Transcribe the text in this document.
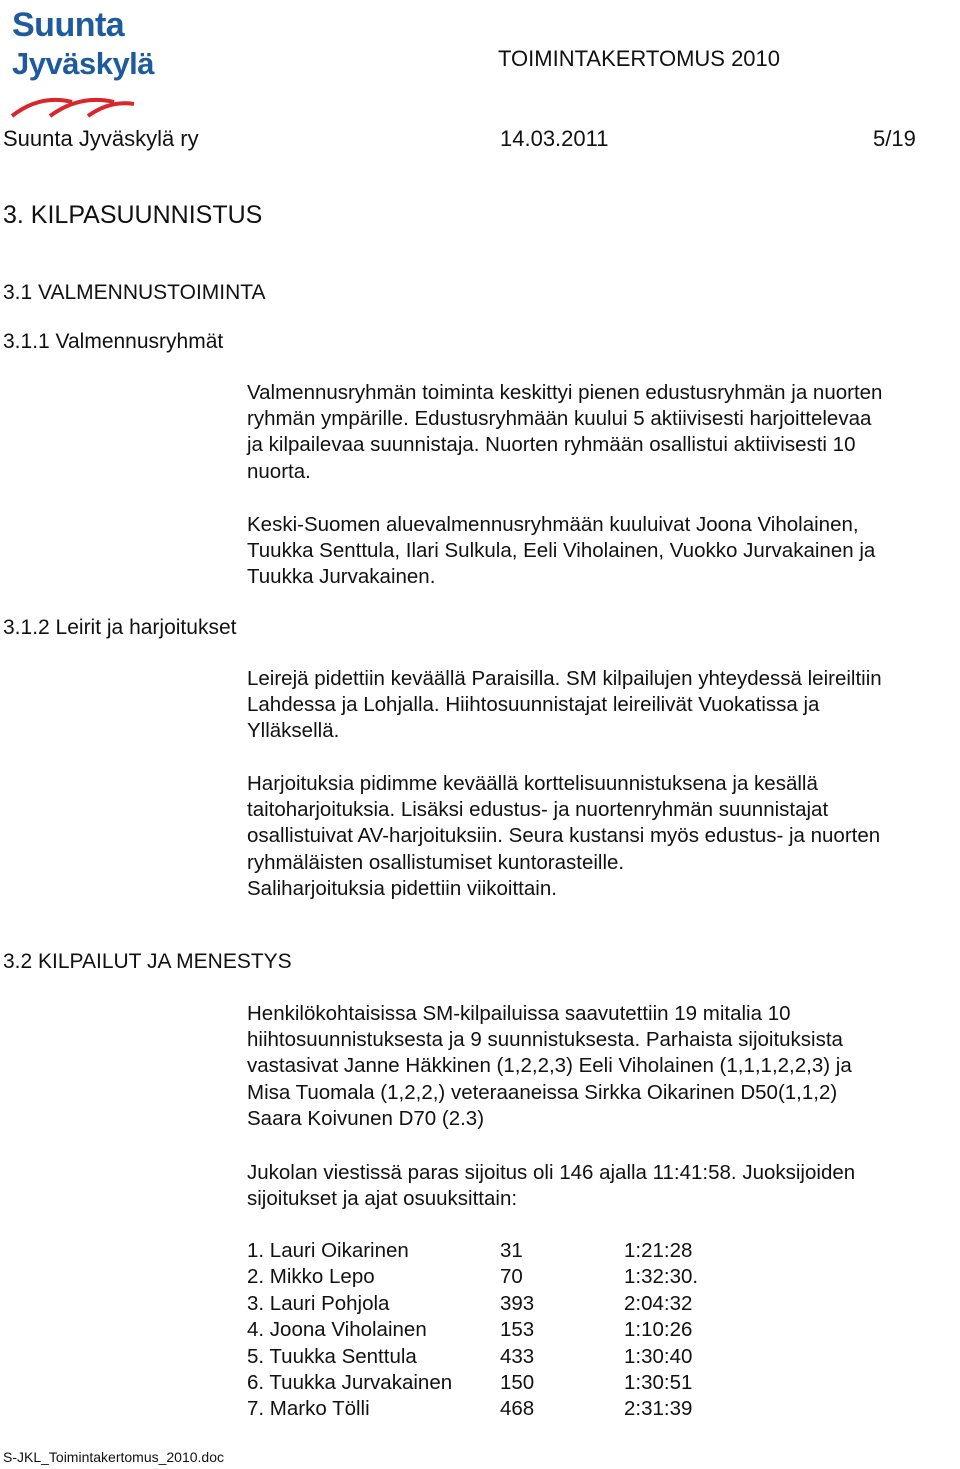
Suunta
Jyväskylä	TOIMINTAKERTOMUS 2010
Suunta Jyväskylä ry	14.03.2011	5/19
3. KILPASUUNNISTUS
3.1 VALMENNUSTOIMINTA
3.1.1 Valmennusryhmät
3.1.2 Leirit ja harjoitukset
3.2 KILPAILUT JA MENESTYS
Valmennusryhmän toiminta keskittyi pienen edustusryhmän ja nuorten
ryhmän ympärille. Edustusryhmään kuului 5 aktiivisesti harjoittelevaa
ja kilpailevaa suunnistaja. Nuorten ryhmään osallistui aktiivisesti 10
nuorta.
Keski-Suomen aluevalmennusryhmään kuuluivat Joona Viholainen,
Tuukka Senttula, Ilari Sulkula, Eeli Viholainen, Vuokko Jurvakainen ja
Tuukka Jurvakainen.
Leirejä pidettiin keväällä Paraisilla. SM kilpailujen yhteydessä leireiltiin
Lahdessa ja Lohjalla. Hiihtosuunnistajat leireilivät Vuokatissa ja
Ylläksellä.
Harjoituksia pidimme keväällä korttelisuunnistuksena ja kesällä
taitoharjoituksia. Lisäksi edustus- ja nuortenryhmän suunnistajat
osallistuivat AV-harjoituksiin. Seura kustansi myös edustus- ja nuorten
ryhmäläisten osallistumiset kuntorasteille.
Saliharjoituksia pidettiin viikoittain.
Henkilökohtaisissa SM-kilpailuissa saavutettiin 19 mitalia 10
hiihtosuunnistuksesta ja 9 suunnistuksesta. Parhaista sijoituksista
vastasivat Janne Häkkinen (1,2,2,3) Eeli Viholainen (1,1,1,2,2,3) ja
Misa Tuomala (1,2,2,) veteraaneissa Sirkka Oikarinen D50(1,1,2)
Saara Koivunen D70 (2.3)
Jukolan viestissä paras sijoitus oli 146 ajalla 11:41:58. Juoksijoiden
sijoitukset ja ajat osuuksittain:
1. Lauri Oikarinen	31	1:21:28
2. Mikko Lepo	70	1:32:30.
3. Lauri Pohjola	393	2:04:32
4. Joona Viholainen	153	1:10:26
5. Tuukka Senttula	433	1:30:40
6. Tuukka Jurvakainen 150	1:30:51
7. Marko Tölli	468	2:31:39
S-JKL_Toimintakertomus_2010.doc
